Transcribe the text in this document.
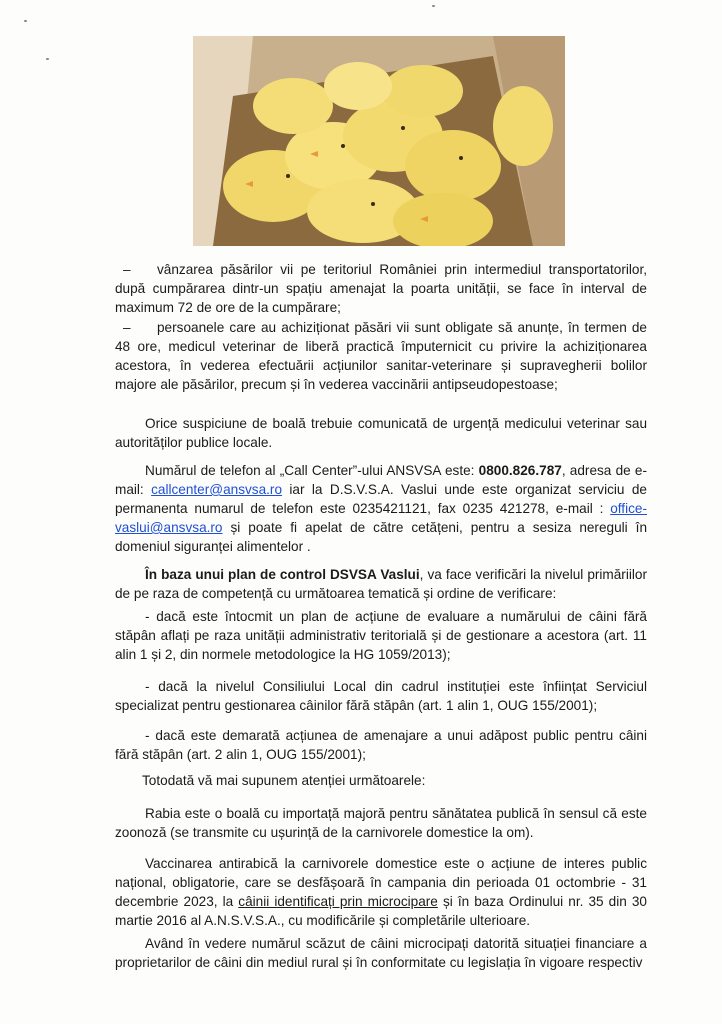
– vânzarea păsărilor vii pe teritoriul României prin intermediul transportatorilor, după cumpărarea dintr-un spațiu amenajat la poarta unității, se face în interval de maximum 72 de ore de la cumpărare;
– persoanele care au achiziționat păsări vii sunt obligate să anunțe, în termen de 48 ore, medicul veterinar de liberă practică împuternicit cu privire la achiziționarea acestora, în vederea efectuării acțiunilor sanitar-veterinare și supravegherii bolilor majore ale păsărilor, precum și în vederea vaccinării antipseudopestoase;
Orice suspiciune de boală trebuie comunicată de urgență medicului veterinar sau autorităților publice locale.
Numărul de telefon al „Call Center”-ului ANSVSA este: 0800.826.787, adresa de e-mail: callcenter@ansvsa.ro iar la D.S.V.S.A. Vaslui unde este organizat serviciu de permanenta numarul de telefon este 0235421121, fax 0235 421278, e-mail : office-vaslui@ansvsa.ro și poate fi apelat de către cetățeni, pentru a sesiza nereguli în domeniul siguranței alimentelor .
În baza unui plan de control DSVSA Vaslui, va face verificări la nivelul primăriilor de pe raza de competență cu următoarea tematică și ordine de verificare:
- dacă este întocmit un plan de acțiune de evaluare a numărului de câini fără stăpân aflați pe raza unității administrativ teritorială și de gestionare a acestora (art. 11 alin 1 și 2, din normele metodologice la HG 1059/2013);
- dacă la nivelul Consiliului Local din cadrul instituției este înființat Serviciul specializat pentru gestionarea câinilor fără stăpân (art. 1 alin 1, OUG 155/2001);
- dacă este demarată acțiunea de amenajare a unui adăpost public pentru câini fără stăpân (art. 2 alin 1, OUG 155/2001);
Totodată vă mai supunem atenției următoarele:
Rabia este o boală cu importață majoră pentru sănătatea publică în sensul că este zoonoză (se transmite cu ușurință de la carnivorele domestice la om).
Vaccinarea antirabică la carnivorele domestice este o acțiune de interes public național, obligatorie, care se desfășoară în campania din perioada 01 octombrie - 31 decembrie 2023, la câinii identificați prin microcipare și în baza Ordinului nr. 35 din 30 martie 2016 al A.N.S.V.S.A., cu modificările și completările ulterioare.
Având în vedere numărul scăzut de câini microcipați datorită situației financiare a proprietarilor de câini din mediul rural și în conformitate cu legislația în vigoare respectiv
